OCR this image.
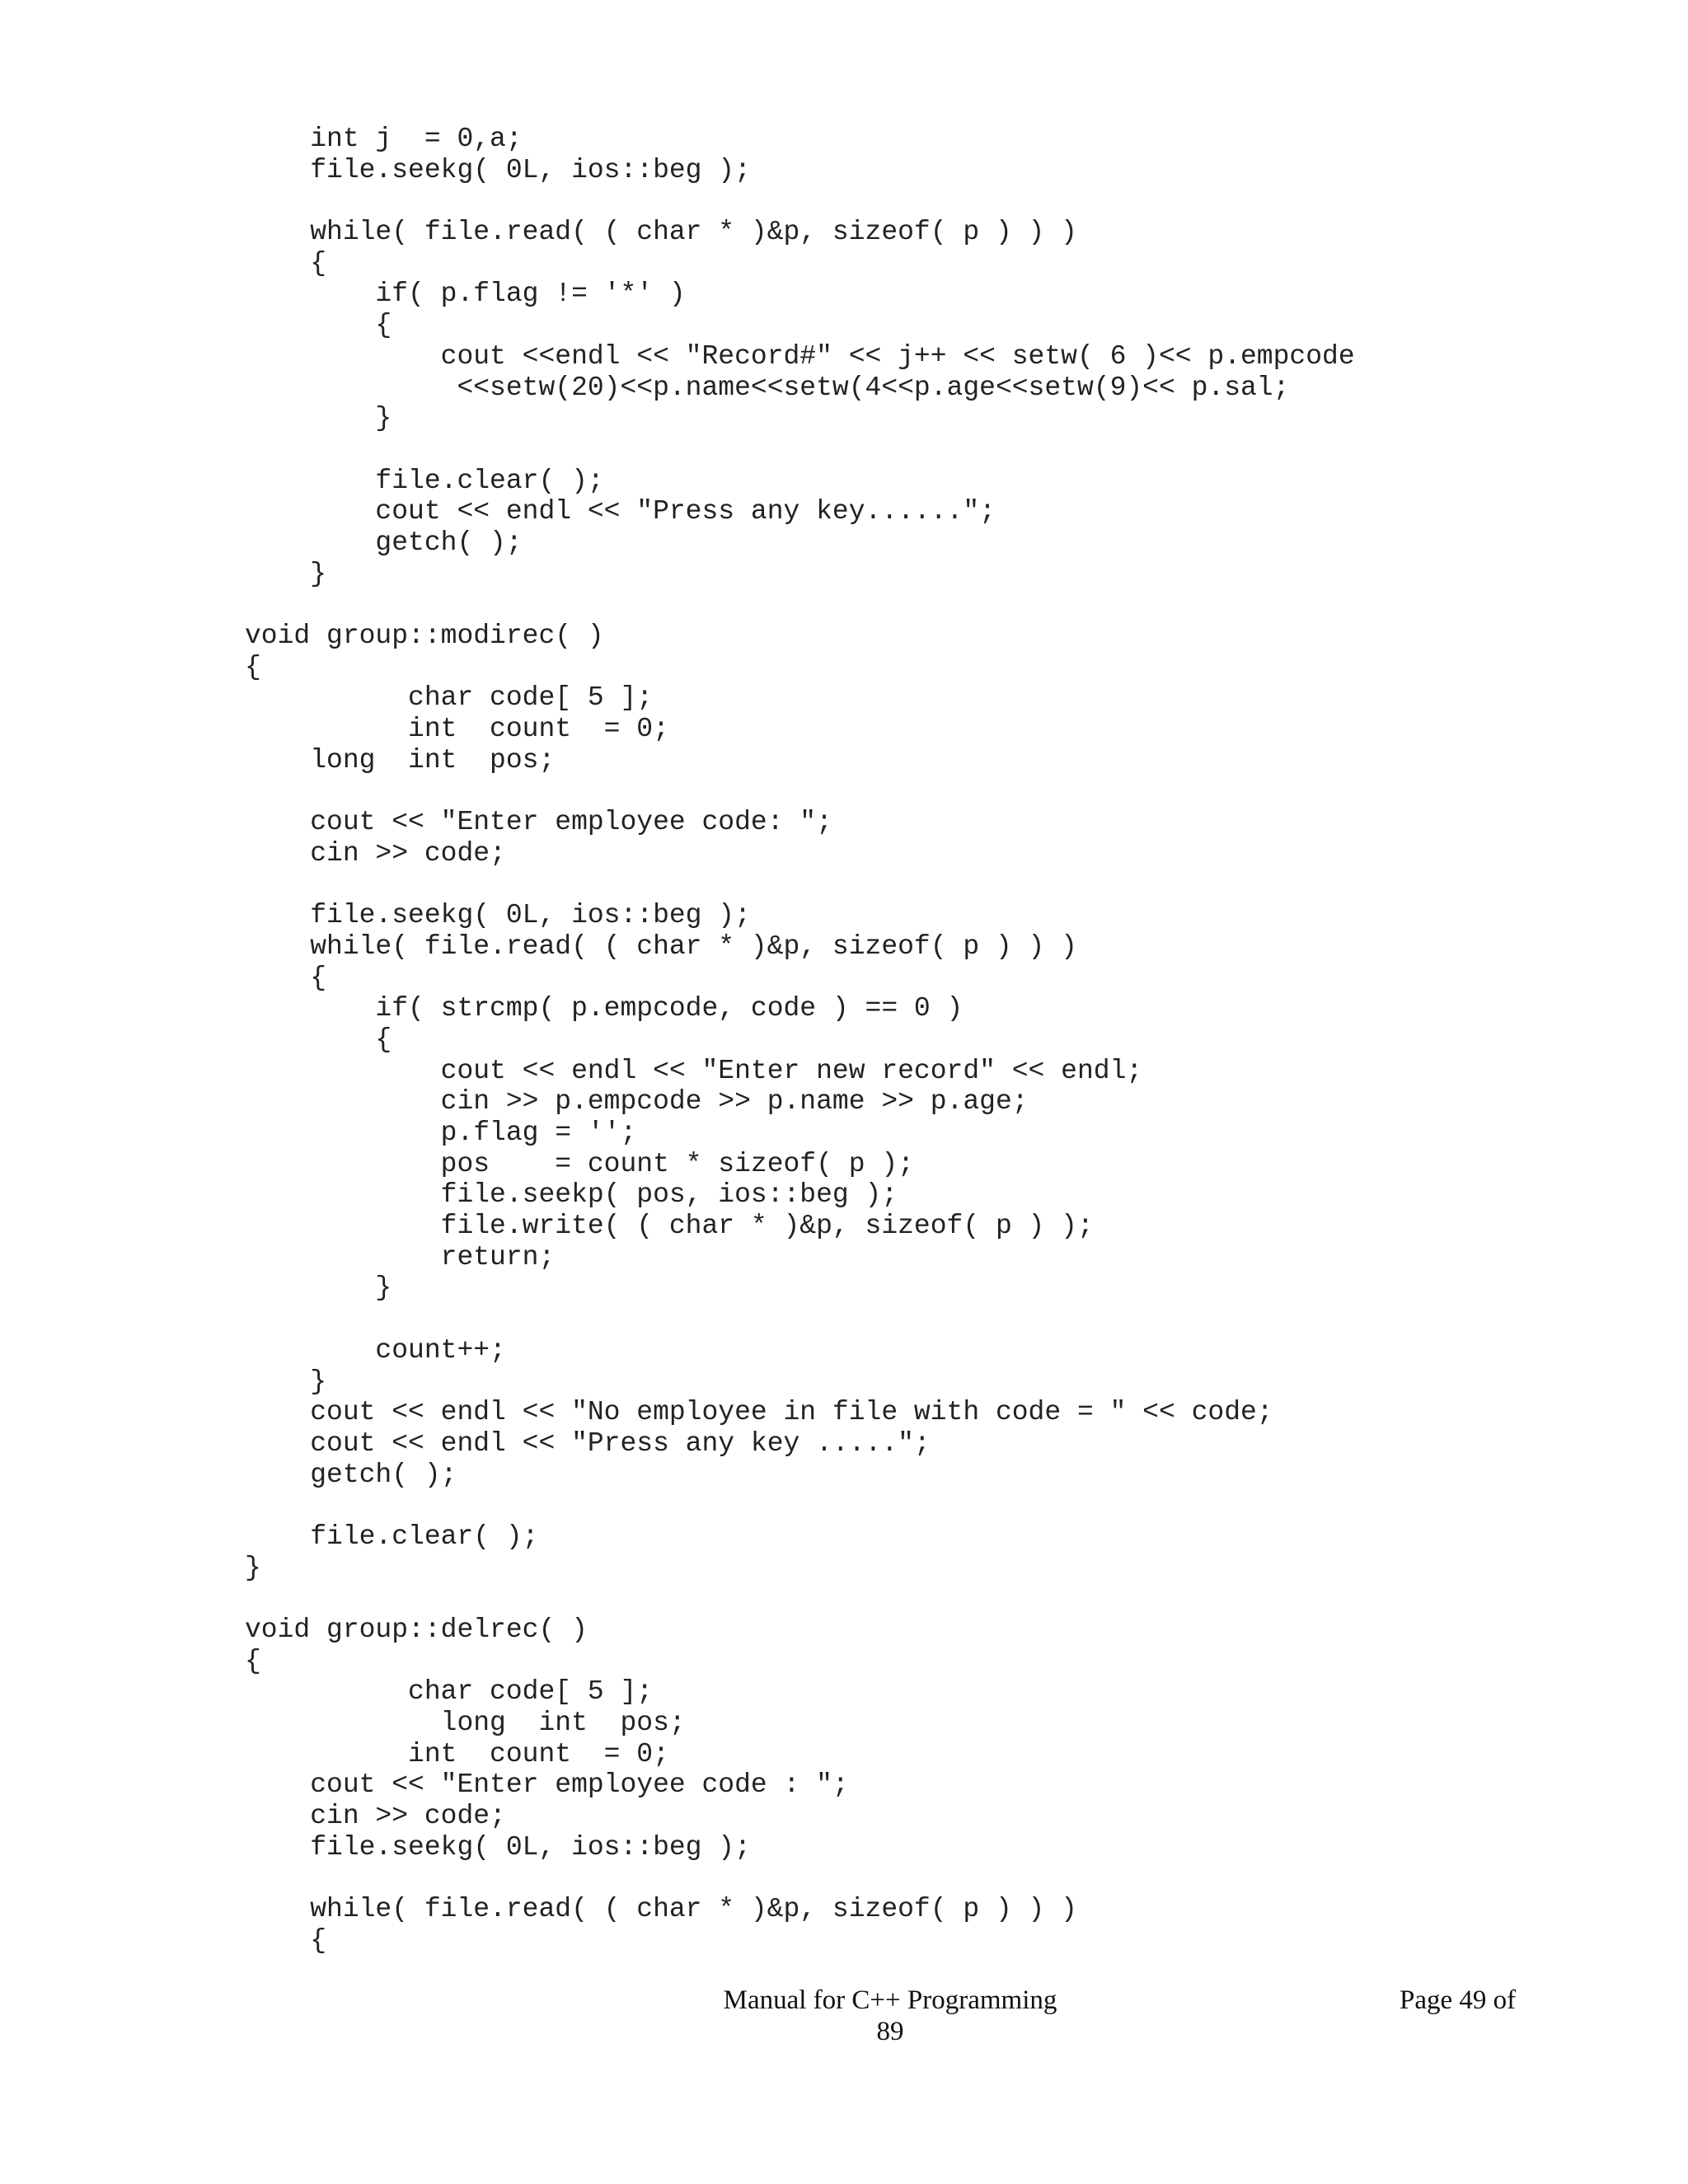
int j  = 0,a;
file.seekg( 0L, ios::beg );
while( file.read( ( char * )&p, sizeof( p ) ) )
{
if( p.flag != '*' )
{
cout <<endl << "Record#" << j++ << setw( 6 )<< p.empcode
<<setw(20)<<p.name<<setw(4<<p.age<<setw(9)<< p.sal;
}
file.clear( );
cout << endl << "Press any key......";
getch( );
}
void group::modirec( )
{
char code[ 5 ];
int  count  = 0;
long  int  pos;
cout << "Enter employee code: ";
cin >> code;
file.seekg( 0L, ios::beg );
while( file.read( ( char * )&p, sizeof( p ) ) )
{
if( strcmp( p.empcode, code ) == 0 )
{
cout << endl << "Enter new record" << endl;
cin >> p.empcode >> p.name >> p.age;
p.flag = '';
pos    = count * sizeof( p );
file.seekp( pos, ios::beg );
file.write( ( char * )&p, sizeof( p ) );
return;
}
count++;
}
cout << endl << "No employee in file with code = " << code;
cout << endl << "Press any key .....";
getch( );
file.clear( );
}
void group::delrec( )
{
char code[ 5 ];
long  int  pos;
int  count  = 0;
cout << "Enter employee code : ";
cin >> code;
file.seekg( 0L, ios::beg );
while( file.read( ( char * )&p, sizeof( p ) ) )
{
Manual for C++ Programming
89
Page 49 of
